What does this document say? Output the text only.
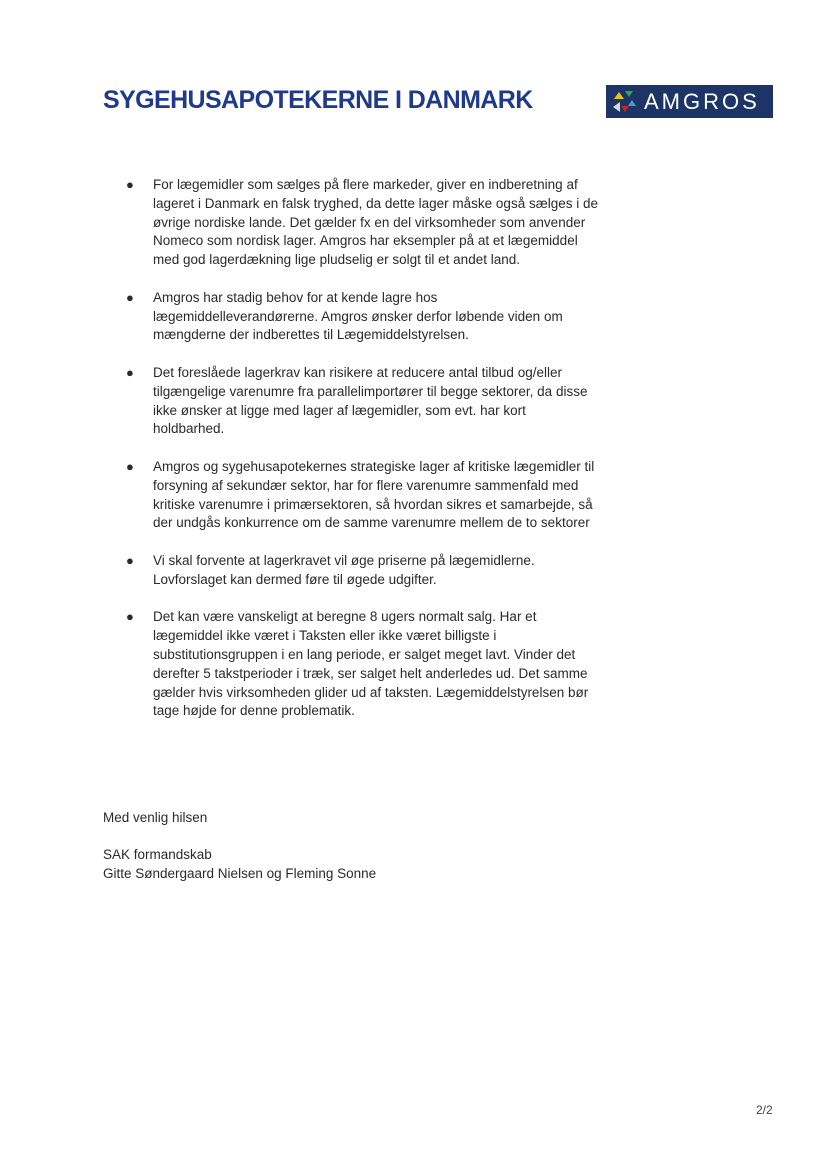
SYGEHUSAPOTEKERNE I DANMARK	AMGROS
● For lægemidler som sælges på flere markeder, giver en indberetning af
lageret i Danmark en falsk tryghed, da dette lager måske også sælges i de
øvrige nordiske lande. Det gælder fx en del virksomheder som anvender
Nomeco som nordisk lager. Amgros har eksempler på at et lægemiddel
med god lagerdækning lige pludselig er solgt til et andet land.
● Amgros har stadig behov for at kende lagre hos
lægemiddelleverandørerne. Amgros ønsker derfor løbende viden om
mængderne der indberettes til Lægemiddelstyrelsen.
● Det foreslåede lagerkrav kan risikere at reducere antal tilbud og/eller
tilgængelige varenumre fra parallelimportører til begge sektorer, da disse
ikke ønsker at ligge med lager af lægemidler, som evt. har kort
holdbarhed.
● Amgros og sygehusapotekernes strategiske lager af kritiske lægemidler til
forsyning af sekundær sektor, har for flere varenumre sammenfald med
kritiske varenumre i primærsektoren, så hvordan sikres et samarbejde, så
der undgås konkurrence om de samme varenumre mellem de to sektorer
● Vi skal forvente at lagerkravet vil øge priserne på lægemidlerne.
Lovforslaget kan dermed føre til øgede udgifter.
● Det kan være vanskeligt at beregne 8 ugers normalt salg. Har et
lægemiddel ikke været i Taksten eller ikke været billigste i
substitutionsgruppen i en lang periode, er salget meget lavt. Vinder det
derefter 5 takstperioder i træk, ser salget helt anderledes ud. Det samme
gælder hvis virksomheden glider ud af taksten. Lægemiddelstyrelsen bør
tage højde for denne problematik.
Med venlig hilsen
SAK formandskab
Gitte Søndergaard Nielsen og Fleming Sonne
2/2
